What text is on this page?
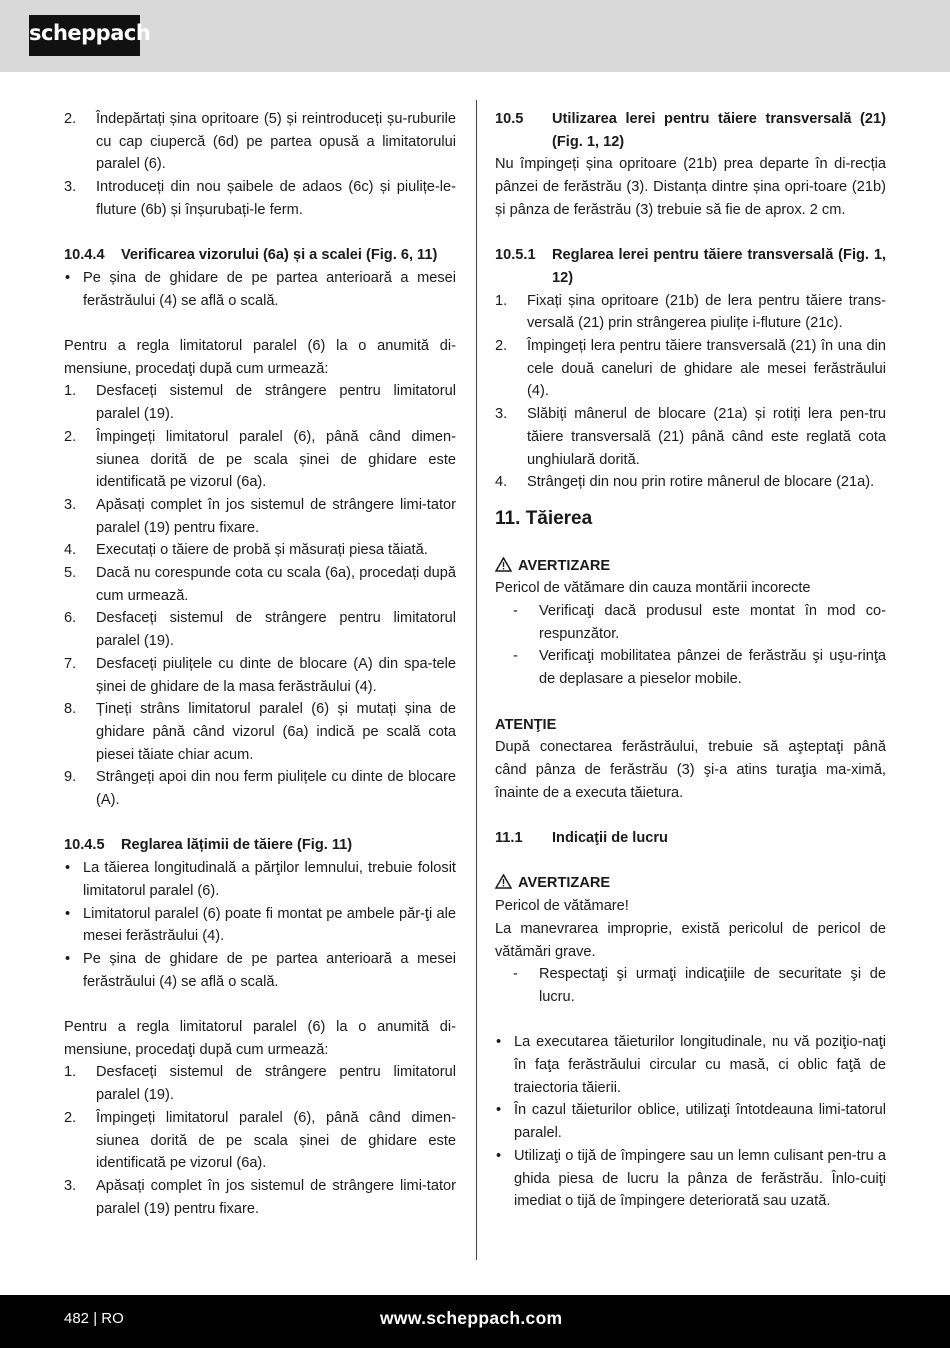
scheppach

2. Îndepărtați șina opritoare (5) și reintroduceți șu-ruburile cu cap ciupercă (6d) pe partea opusă a limitatorului paralel (6).

3. Introduceți din nou șaibele de adaos (6c) și piulițe-le-fluture (6b) și înșurubați-le ferm.

10.4.4 Verificarea vizorului (6a) și a scalei (Fig. 6, 11)

• Pe șina de ghidare de pe partea anterioară a mesei ferăstrăului (4) se află o scală.

Pentru a regla limitatorul paralel (6) la o anumită di-mensiune, procedaţi după cum urmează:

1. Desfaceți sistemul de strângere pentru limitatorul paralel (19).

2. Împingeți limitatorul paralel (6), până când dimen-siunea dorită de pe scala șinei de ghidare este identificată pe vizorul (6a).

3. Apăsați complet în jos sistemul de strângere limi-tator paralel (19) pentru fixare.

4. Executați o tăiere de probă și măsurați piesa tăiată.

5. Dacă nu corespunde cota cu scala (6a), procedați după cum urmează.

6. Desfaceți sistemul de strângere pentru limitatorul paralel (19).

7. Desfaceți piulițele cu dinte de blocare (A) din spa-tele șinei de ghidare de la masa ferăstrăului (4).

8. Țineți strâns limitatorul paralel (6) și mutați șina de ghidare până când vizorul (6a) indică pe scală cota piesei tăiate chiar acum.

9. Strângeți apoi din nou ferm piulițele cu dinte de blocare (A).

10.4.5 Reglarea lățimii de tăiere (Fig. 11)

• La tăierea longitudinală a părţilor lemnului, trebuie folosit limitatorul paralel (6).

• Limitatorul paralel (6) poate fi montat pe ambele păr-ţi ale mesei ferăstrăului (4).

• Pe șina de ghidare de pe partea anterioară a mesei ferăstrăului (4) se află o scală.

Pentru a regla limitatorul paralel (6) la o anumită di-mensiune, procedaţi după cum urmează:

1. Desfaceți sistemul de strângere pentru limitatorul paralel (19).

2. Împingeți limitatorul paralel (6), până când dimen-siunea dorită de pe scala șinei de ghidare este identificată pe vizorul (6a).

3. Apăsați complet în jos sistemul de strângere limi-tator paralel (19) pentru fixare.

10.5 Utilizarea lerei pentru tăiere transversală (21) (Fig. 1, 12)

Nu împingeți șina opritoare (21b) prea departe în di-recția pânzei de ferăstrău (3). Distanța dintre șina opri-toare (21b) și pânza de ferăstrău (3) trebuie să fie de aprox. 2 cm.

10.5.1 Reglarea lerei pentru tăiere transversală (Fig. 1, 12)

1. Fixați șina opritoare (21b) de lera pentru tăiere trans-versală (21) prin strângerea piulițe i-fluture (21c).

2. Împingeți lera pentru tăiere transversală (21) în una din cele două caneluri de ghidare ale mesei ferăstrăului (4).

3. Slăbiți mânerul de blocare (21a) și rotiți lera pen-tru tăiere transversală (21) până când este reglată cota unghiulară dorită.

4. Strângeți din nou prin rotire mânerul de blocare (21a).

11. Tăierea

AVERTIZARE

Pericol de vătămare din cauza montării incorecte

- Verificaţi dacă produsul este montat în mod co-respunzător.

- Verificaţi mobilitatea pânzei de ferăstrău şi uşu-rinţa de deplasare a pieselor mobile.

ATENŢIE

După conectarea ferăstrăului, trebuie să aşteptaţi până când pânza de ferăstrău (3) şi-a atins turaţia ma-ximă, înainte de a executa tăietura.

11.1 Indicaţii de lucru

AVERTIZARE

Pericol de vătămare!

La manevrarea improprie, există pericolul de pericol de vătămări grave.

- Respectaţi şi urmaţi indicaţiile de securitate şi de lucru.

• La executarea tăieturilor longitudinale, nu vă poziţio-naţi în faţa ferăstrăului circular cu masă, ci oblic faţă de traiectoria tăierii.

• În cazul tăieturilor oblice, utilizaţi întotdeauna limi-tatorul paralel.

• Utilizaţi o tijă de împingere sau un lemn culisant pen-tru a ghida piesa de lucru la pânza de ferăstrău. Înlo-cuiţi imediat o tijă de împingere deteriorată sau uzată.

482 | RO	www.scheppach.com
